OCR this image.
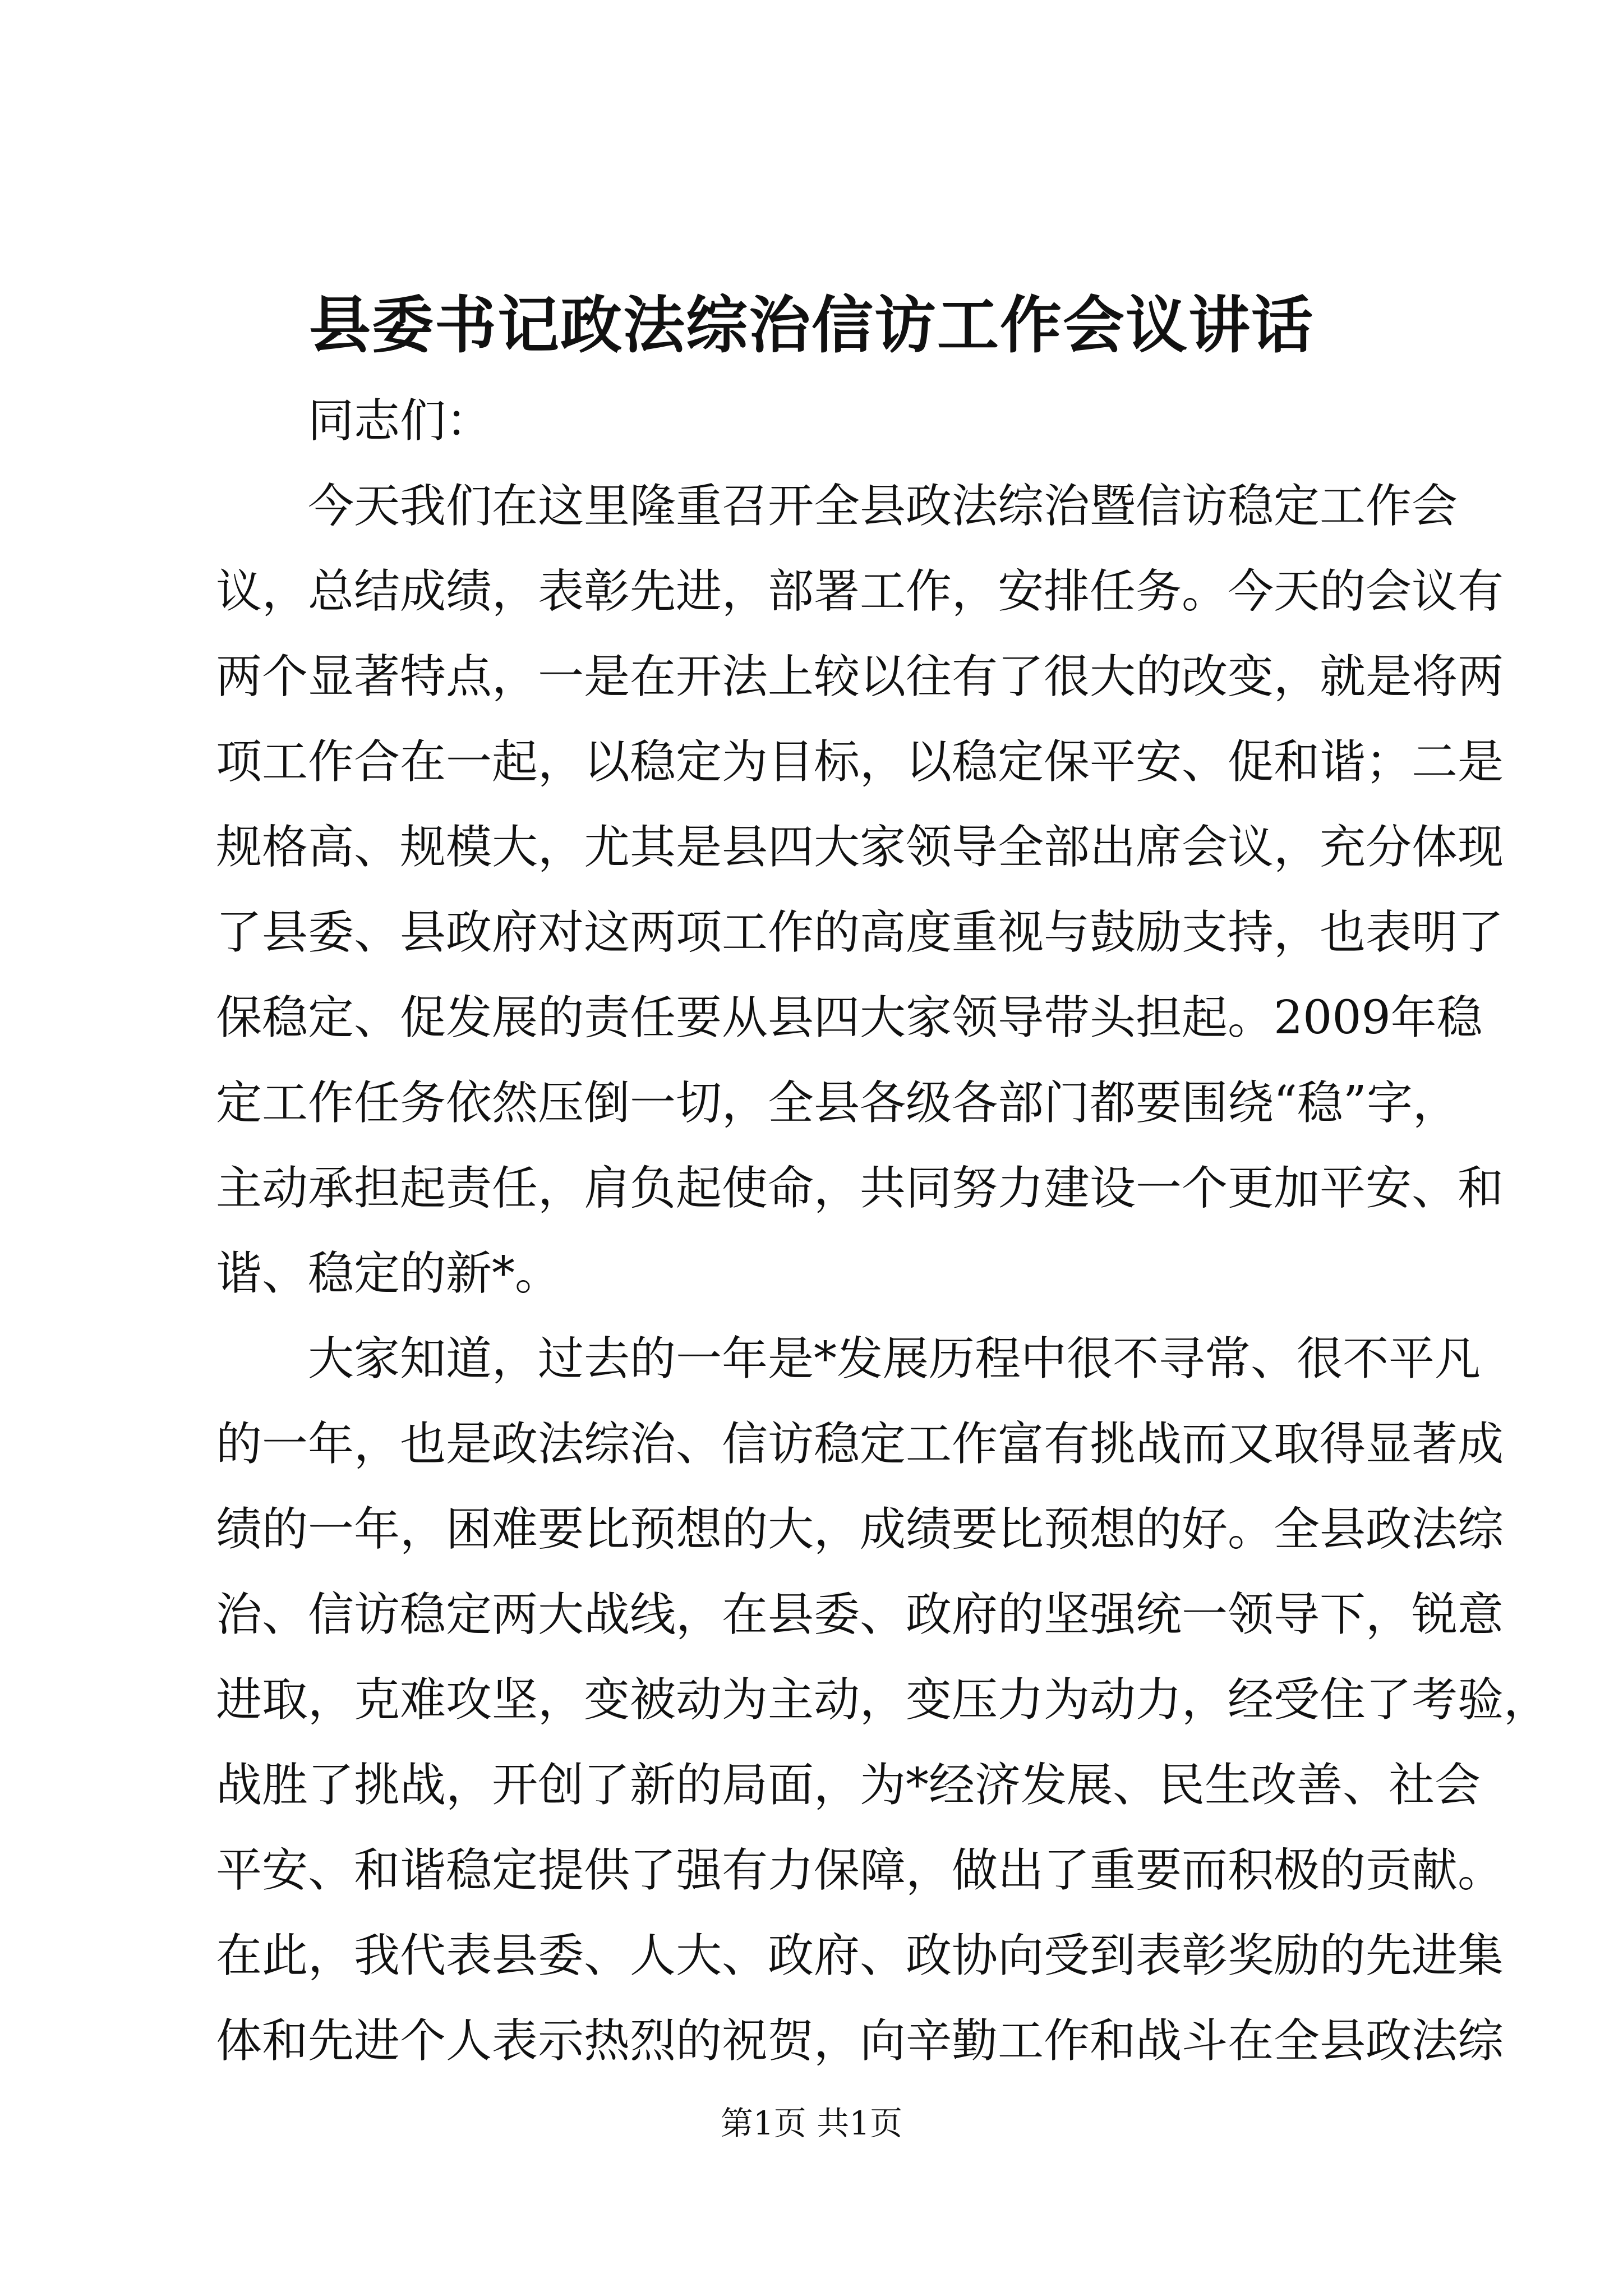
县委书记政法综治信访工作会议讲话
同志们：
今天我们在这里隆重召开全县政法综治暨信访稳定工作会
议，总结成绩，表彰先进，部署工作，安排任务。今天的会议有
两个显著特点，一是在开法上较以往有了很大的改变，就是将两
项工作合在一起，以稳定为目标，以稳定保平安、促和谐；二是
规格高、规模大，尤其是县四大家领导全部出席会议，充分体现
了县委、县政府对这两项工作的高度重视与鼓励支持，也表明了
保稳定、促发展的责任要从县四大家领导带头担起。2009年稳
定工作任务依然压倒一切，全县各级各部门都要围绕“稳”字，
主动承担起责任，肩负起使命，共同努力建设一个更加平安、和
谐、稳定的新*。
大家知道，过去的一年是*发展历程中很不寻常、很不平凡
的一年，也是政法综治、信访稳定工作富有挑战而又取得显著成
绩的一年，困难要比预想的大，成绩要比预想的好。全县政法综
治、信访稳定两大战线，在县委、政府的坚强统一领导下，锐意
进取，克难攻坚，变被动为主动，变压力为动力，经受住了考验，
战胜了挑战，开创了新的局面，为*经济发展、民生改善、社会
平安、和谐稳定提供了强有力保障，做出了重要而积极的贡献。
在此，我代表县委、人大、政府、政协向受到表彰奖励的先进集
体和先进个人表示热烈的祝贺，向辛勤工作和战斗在全县政法综
第1页 共1页
